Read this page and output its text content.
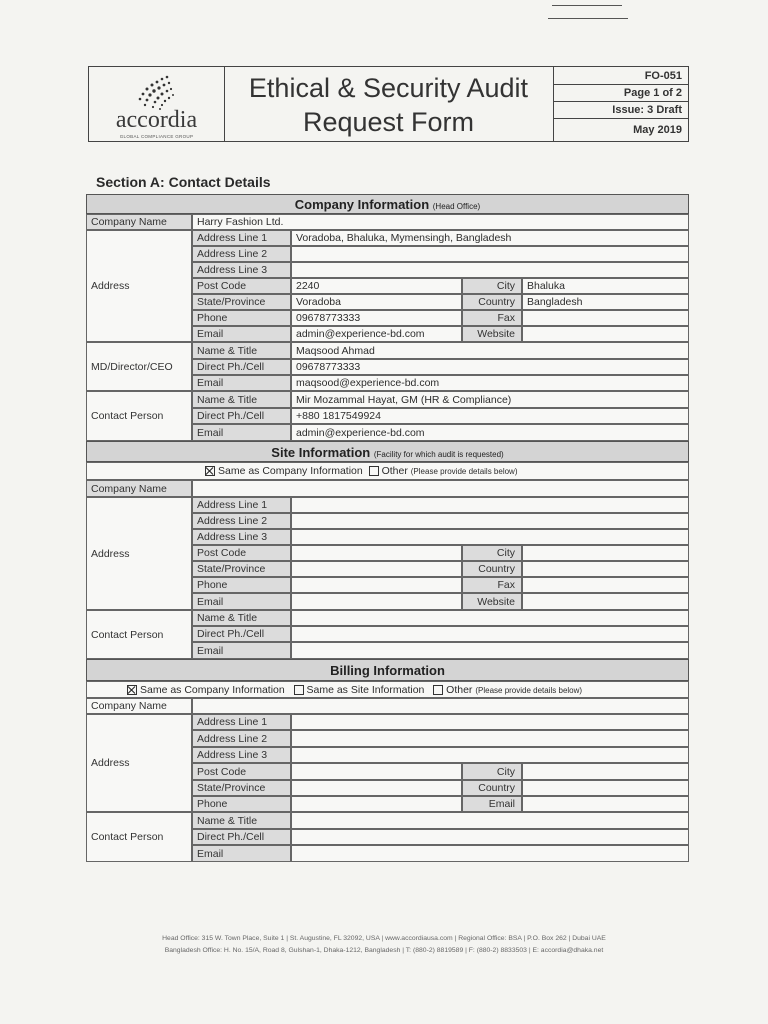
accordia
GLOBAL COMPLIANCE GROUP
Ethical & Security Audit
Request Form
FO-051
Page 1 of 2
Issue: 3 Draft
May 2019
Section A: Contact Details
Company Information (Head Office)
Company Name	Harry Fashion Ltd.
Address
Address Line 1	Voradoba, Bhaluka, Mymensingh, Bangladesh
Address Line 2
Address Line 3
Post Code	2240	City	Bhaluka
State/Province	Voradoba	Country	Bangladesh
Phone	09678773333	Fax
Email	admin@experience-bd.com	Website
MD/Director/CEO
Name & Title	Maqsood Ahmad
Direct Ph./Cell	09678773333
Email	maqsood@experience-bd.com
Contact Person
Name & Title	Mir Mozammal Hayat, GM (HR & Compliance)
Direct Ph./Cell	+880 1817549924
Email	admin@experience-bd.com
Site Information (Facility for which audit is requested)
Same as Company Information Other (Please provide details below)
Company Name
Address
Address Line 1
Address Line 2
Address Line 3
Post Code	City
State/Province	Country
Phone	Fax
Email	Website
Contact Person
Name & Title
Direct Ph./Cell
Email
Billing Information
Same as Company Information Same as Site Information Other (Please provide details below)
Company Name
Address
Address Line 1
Address Line 2
Address Line 3
Post Code	City
State/Province	Country
Phone	Email
Contact Person
Name & Title
Direct Ph./Cell
Email
Head Office: 315 W. Town Place, Suite 1 | St. Augustine, FL 32092, USA | www.accordiausa.com | Regional Office: BSA | P.O. Box 262 | Dubai UAE
Bangladesh Office: H. No. 15/A, Road 8, Gulshan-1, Dhaka-1212, Bangladesh | T: (880-2) 8819589 | F: (880-2) 8833503 | E: accordia@dhaka.net
